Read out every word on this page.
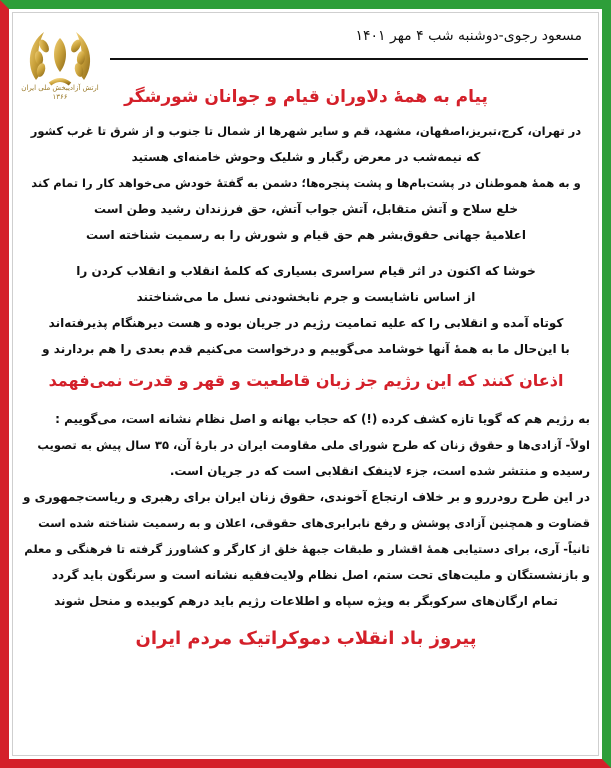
ارتش آزادیبخش ملی ایران
۱۳۶۶
مسعود رجوی-دوشنبه شب ۴ مهر ۱۴۰۱
پیام به همهٔ دلاوران قیام و جوانان شورشگر
در تهران، کرج،تبریز،اصفهان، مشهد، قم و سایر شهرها از شمال تا جنوب و از شرق تا غرب کشور
که نیمه‌شب در معرض رگبار و شلیک وحوش خامنه‌ای هستید
و به همهٔ هموطنان در پشت‌بام‌ها و پشت پنجره‌ها؛ دشمن به گفتهٔ خودش می‌خواهد کار را تمام کند
خلع سلاح و آتش متقابل، آتش جواب آتش، حق فرزندان رشید وطن است
اعلامیهٔ جهانی حقوق‌بشر هم حق قیام و شورش را به رسمیت شناخته است
خوشا که اکنون در اثر قیام سراسری بسیاری که کلمهٔ انقلاب و انقلاب کردن را
از اساس ناشایست و جرم نابخشودنی نسل ما می‌شناختند
کوتاه آمده و انقلابی را که علیه تمامیت رژیم در جریان بوده و هست دیرهنگام پذیرفته‌اند
با این‌حال ما به همهٔ آنها خوشامد می‌گوییم و درخواست می‌کنیم قدم بعدی را هم بردارند و
اذعان کنند که این رژیم جز زبان قاطعیت و قهر و قدرت نمی‌فهمد
به رژیم هم که گویا تازه کشف کرده (!) که حجاب بهانه و اصل نظام نشانه است، می‌گوییم :
اولاً- آزادی‌ها و حقوق زنان که طرح شورای ملی مقاومت ایران در بارهٔ آن، ۳۵ سال پیش به تصویب
رسیده و منتشر شده است، جزء لاینفک انقلابی است که در جریان است.
در این طرح رودررو و بر خلاف ارتجاع آخوندی، حقوق زنان ایران برای رهبری و ریاست‌جمهوری و
قضاوت و همچنین آزادی پوشش و رفع نابرابری‌های حقوقی، اعلان و به رسمیت شناخته شده است
ثانیاً- آری، برای دستیابی همهٔ اقشار و طبقات جبههٔ خلق از کارگر و کشاورز گرفته تا فرهنگی و معلم
و بازنشستگان و ملیت‌های تحت ستم، اصل نظام ولایت‌فقیه نشانه است و سرنگون باید گردد
تمام ارگان‌های سرکوبگر به ویژه سپاه و اطلاعات رژیم باید درهم کوبیده و منحل شوند
پیروز باد انقلاب دموکراتیک مردم ایران
